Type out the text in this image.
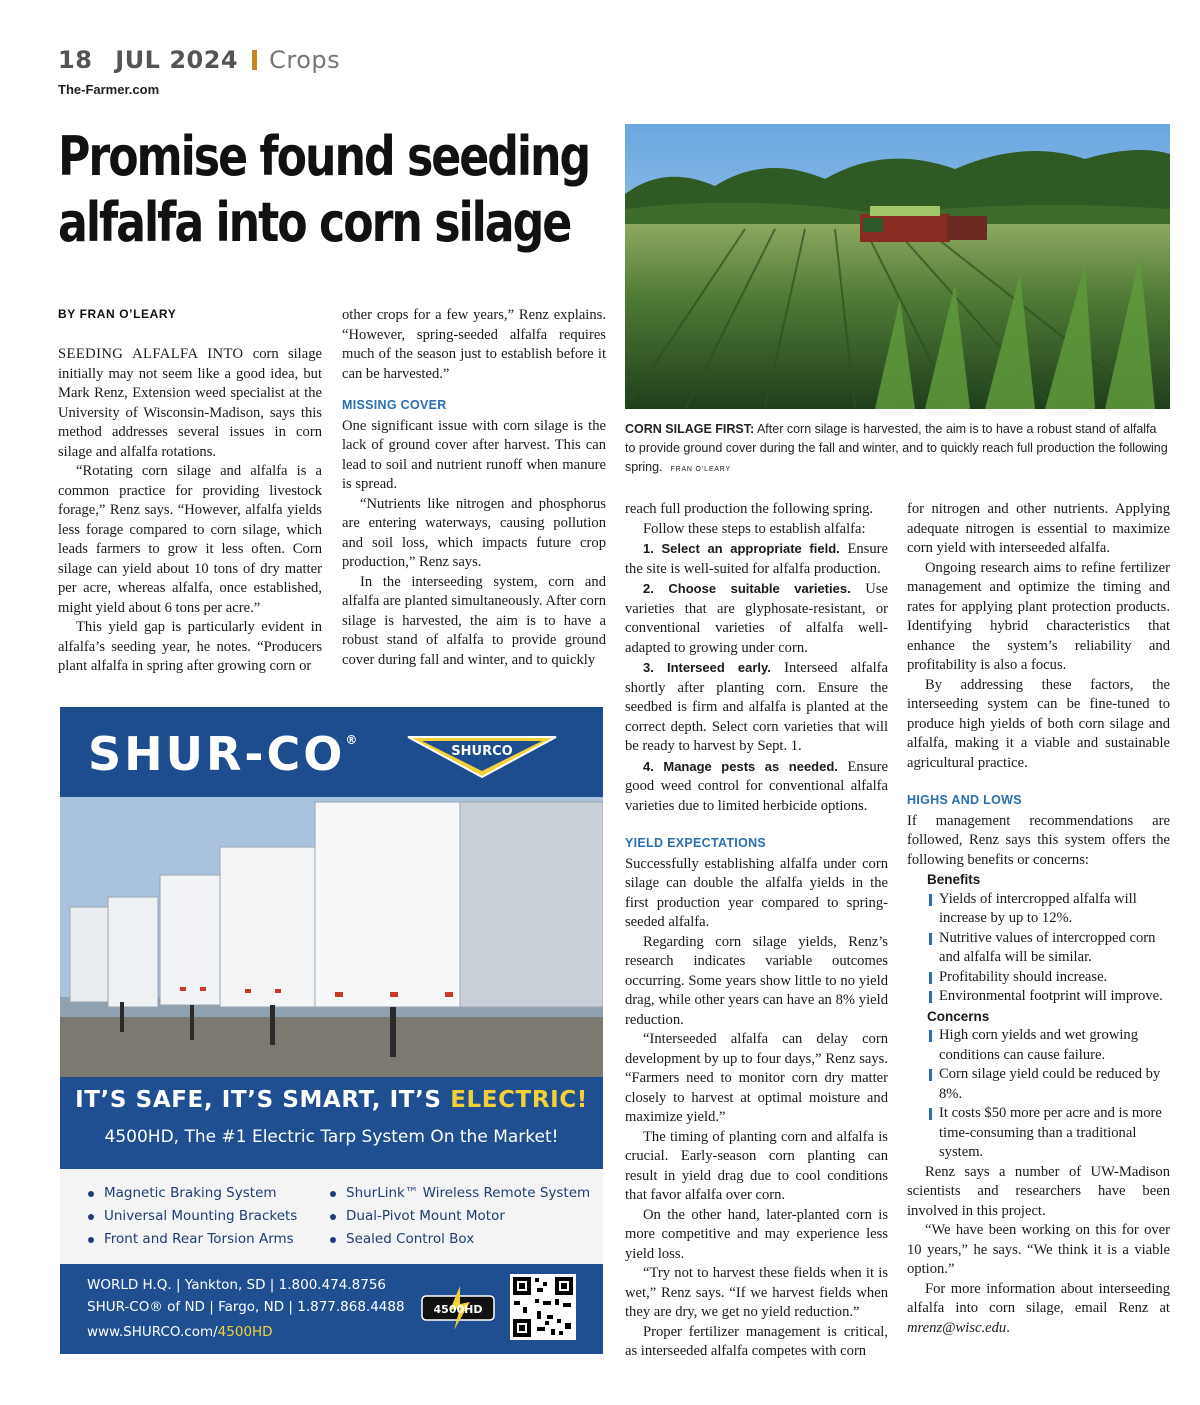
18 JUL 2024 Crops
The-Farmer.com
Promise found seeding
alfalfa into corn silage
BY FRAN O’LEARY

SEEDING ALFALFA INTO corn silage initially may not seem like a good idea, but Mark Renz, Extension weed specialist at the University of Wisconsin-Madison, says this method addresses several issues in corn silage and alfalfa rotations.

“Rotating corn silage and alfalfa is a common practice for providing livestock forage,” Renz says. “However, alfalfa yields less forage compared to corn silage, which leads farmers to grow it less often. Corn silage can yield about 10 tons of dry matter per acre, whereas alfalfa, once established, might yield about 6 tons per acre.”

This yield gap is particularly evident in alfalfa’s seeding year, he notes. “Producers plant alfalfa in spring after growing corn or

other crops for a few years,” Renz explains. “However, spring-seeded alfalfa requires much of the season just to establish before it can be harvested.”

MISSING COVER

One significant issue with corn silage is the lack of ground cover after harvest. This can lead to soil and nutrient runoff when manure is spread.

“Nutrients like nitrogen and phosphorus are entering waterways, causing pollution and soil loss, which impacts future crop production,” Renz says.

In the interseeding system, corn and alfalfa are planted simultaneously. After corn silage is harvested, the aim is to have a robust stand of alfalfa to provide ground cover during fall and winter, and to quickly

CORN SILAGE FIRST: After corn silage is harvested, the aim is to have a robust stand of alfalfa to provide ground cover during the fall and winter, and to quickly reach full production the following spring. FRAN O’LEARY

reach full production the following spring.

Follow these steps to establish alfalfa:

1. Select an appropriate field. Ensure the site is well-suited for alfalfa production.

2. Choose suitable varieties. Use varieties that are glyphosate-resistant, or conventional varieties of alfalfa well-adapted to growing under corn.

3. Interseed early. Interseed alfalfa shortly after planting corn. Ensure the seedbed is firm and alfalfa is planted at the correct depth. Select corn varieties that will be ready to harvest by Sept. 1.

4. Manage pests as needed. Ensure good weed control for conventional alfalfa varieties due to limited herbicide options.

YIELD EXPECTATIONS

Successfully establishing alfalfa under corn silage can double the alfalfa yields in the first production year compared to spring-seeded alfalfa.

Regarding corn silage yields, Renz’s research indicates variable outcomes occurring. Some years show little to no yield drag, while other years can have an 8% yield reduction.

“Interseeded alfalfa can delay corn development by up to four days,” Renz says. “Farmers need to monitor corn dry matter closely to harvest at optimal moisture and maximize yield.”

The timing of planting corn and alfalfa is crucial. Early-season corn planting can result in yield drag due to cool conditions that favor alfalfa over corn.

On the other hand, later-planted corn is more competitive and may experience less yield loss.

“Try not to harvest these fields when it is wet,” Renz says. “If we harvest fields when they are dry, we get no yield reduction.”

Proper fertilizer management is critical, as interseeded alfalfa competes with corn

for nitrogen and other nutrients. Applying adequate nitrogen is essential to maximize corn yield with interseeded alfalfa.

Ongoing research aims to refine fertilizer management and optimize the timing and rates for applying plant protection products. Identifying hybrid characteristics that enhance the system’s reliability and profitability is also a focus.

By addressing these factors, the interseeding system can be fine-tuned to produce high yields of both corn silage and alfalfa, making it a viable and sustainable agricultural practice.

HIGHS AND LOWS

If management recommendations are followed, Renz says this system offers the following benefits or concerns:

Benefits

Yields of intercropped alfalfa will increase by up to 12%.

Nutritive values of intercropped corn and alfalfa will be similar.

Profitability should increase.

Environmental footprint will improve.

Concerns

High corn yields and wet growing conditions can cause failure.

Corn silage yield could be reduced by 8%.

It costs $50 more per acre and is more time-consuming than a traditional system.

Renz says a number of UW-Madison scientists and researchers have been involved in this project.

“We have been working on this for over 10 years,” he says. “We think it is a viable option.”

For more information about interseeding alfalfa into corn silage, email Renz at mrenz@wisc.edu.

SHUR-CO®
SHURCO
IT’S SAFE, IT’S SMART, IT’S ELECTRIC!
4500HD, The #1 Electric Tarp System On the Market!
Magnetic Braking System
Universal Mounting Brackets
Front and Rear Torsion Arms
ShurLink™ Wireless Remote System
Dual-Pivot Mount Motor
Sealed Control Box
WORLD H.Q. | Yankton, SD | 1.800.474.8756
SHUR-CO® of ND | Fargo, ND | 1.877.868.4488
www.SHURCO.com/4500HD
4500HD
